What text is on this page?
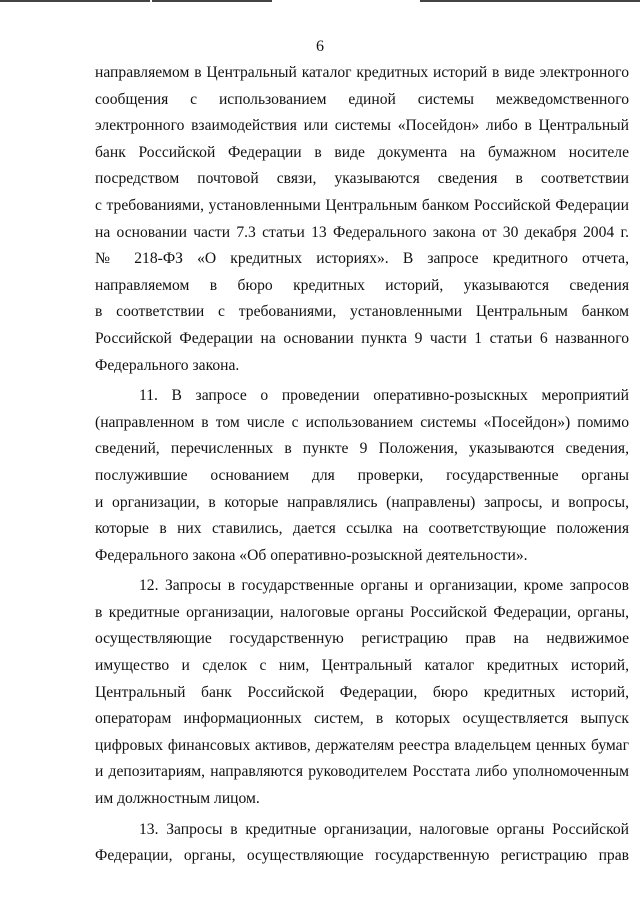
6
направляемом в Центральный каталог кредитных историй в виде электронного
сообщения с использованием единой системы межведомственного
электронного взаимодействия или системы «Посейдон» либо в Центральный
банк Российской Федерации в виде документа на бумажном носителе
посредством почтовой связи, указываются сведения в соответствии
с требованиями, установленными Центральным банком Российской Федерации
на основании части 7.3 статьи 13 Федерального закона от 30 декабря 2004 г.
№ 218-ФЗ «О кредитных историях». В запросе кредитного отчета,
направляемом в бюро кредитных историй, указываются сведения
в соответствии с требованиями, установленными Центральным банком
Российской Федерации на основании пункта 9 части 1 статьи 6 названного
Федерального закона.
11. В запросе о проведении оперативно-розыскных мероприятий
(направленном в том числе с использованием системы «Посейдон») помимо
сведений, перечисленных в пункте 9 Положения, указываются сведения,
послужившие основанием для проверки, государственные органы
и организации, в которые направлялись (направлены) запросы, и вопросы,
которые в них ставились, дается ссылка на соответствующие положения
Федерального закона «Об оперативно-розыскной деятельности».
12. Запросы в государственные органы и организации, кроме запросов
в кредитные организации, налоговые органы Российской Федерации, органы,
осуществляющие государственную регистрацию прав на недвижимое
имущество и сделок с ним, Центральный каталог кредитных историй,
Центральный банк Российской Федерации, бюро кредитных историй,
операторам информационных систем, в которых осуществляется выпуск
цифровых финансовых активов, держателям реестра владельцем ценных бумаг
и депозитариям, направляются руководителем Росстата либо уполномоченным
им должностным лицом.
13. Запросы в кредитные организации, налоговые органы Российской
Федерации, органы, осуществляющие государственную регистрацию прав
